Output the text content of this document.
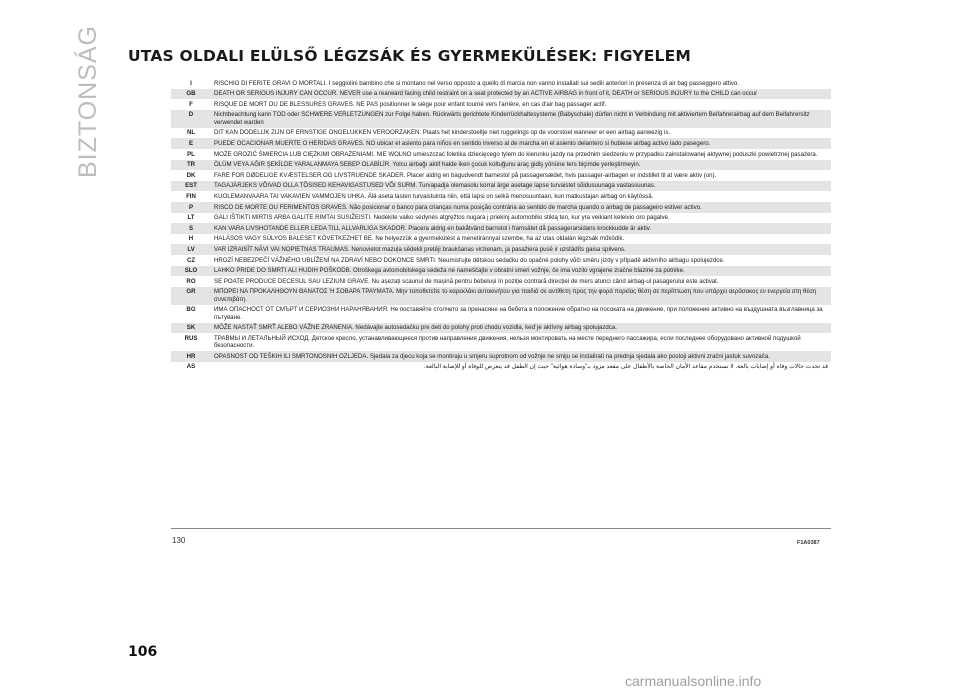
BIZTONSÁG UTAS OLDALI ELÜLSŐ LÉGZSÁK ÉS GYERMEKÜLÉSEK: FIGYELEM
I	RISCHIO DI FERITE GRAVI O MORTALI. I seggiolini bambino che si montano nel verso opposto a quello di marcia non vanno installati sui sedili anteriori in presenza di air bag passeggero attivo.
GB	DEATH OR SERIOUS INJURY CAN OCCUR. NEVER use a rearward facing child restraint on a seat protected by an ACTIVE AIRBAG in front of it, DEATH or SERIOUS INJURY to the CHILD can occur
F	RISQUE DE MORT OU DE BLESSURES GRAVES. NE PAS positionner le siège pour enfant tourné vers l'arrière, en cas d'air bag passager actif.
D	Nichtbeachtung kann TOD oder SCHWERE VERLETZUNGEN zur Folge haben. Rückwärts gerichtete Kinderrückhaltesysteme (Babyschale) dürfen nicht in Verbindung mit aktiviertem Beifahrerairbag auf dem Beifahrersitz verwendet warden
NL	DIT KAN DODELIJK ZIJN OF ERNSTIGE ONGELUKKEN VEROORZAKEN. Plaats het kinderstoeltje niet ruggelings op de voorstoel wanneer er een airbag aanwezig is.
E	PUEDE OCACIONAR MUERTE O HERIDAS GRAVES. NO ubicar el asiento para niños en sentido inverso al de marcha en el asiento delantero si hubiese airbag activo lado pasegero.
PL	MOŻE GROZIĆ ŚMIERCIA LUB CIĘŻKIMI OBRAŻENIAMI. NIE WOLNO umieszczać foletika dziecięcego tylem do kierunku jazdy na przednim siedzeniu w przypadku zainstalowanej aktywnej poduszki powietrznej pasażera.
TR	ÖLÜM VEYA AĞIR ŞEKİLDE YARALANMAYA SEBEP OLABİLİR. Yolcu airbağı aktif halde iken çocuk koltuğunu araç gidiş yönüne ters biçimde yerleştirmeyin.
DK	FARE FOR DØDELIGE KVÆSTELSER OG LIVSTRUENDE SKADER. Placer aldrig en bagudvendt barnestol på passagersædet, hvis passager-airbagen er indstillet til at være aktiv (on).
EST	TAGAJÄRJEKS VÕIVAD OLLA TÕSISED KEHAVIGASTUSED VÕI SURM. Turvapadja olemasolu korral ärge asetage lapse turvaistet sõidusuunaga vastassuunas.
FIN	KUOLEMANVAARA TAI VAKAVIEN VAMMOJEN UHKA. Älä aseta lasten turvaistuinta niin, että lapsi on selkä menosuuntaan, kun matkustajan airbag on käytössä.
P	RISCO DE MORTE OU FERIMENTOS GRAVES. Não posicionar o banco para crianças numa posição contrária ao sentido de marcha quando o airbag de passageiro estiver activo.
LT	GALI IŠTIKTI MIRTIS ARBA GALITE RIMTAI SUSIŽEISTI. Nedėkite vaiko sėdynės atgręžtos nugara į priekinį automobilio stiklą ten, kur yra veikiant keleivio oro pagalvė.
S	KAN VARA LIVSHOTANDE ELLER LEDA TILL ALLVARLIGA SKADOR. Placera aldrig en bakåtvänd barnstol i framsätet då passagerarsidans krockkudde är aktiv.
H	HALÁSOS VAGY SÚLYOS BALESET KÖVETKEZHET BE. Ne helyezzük a gyermekülést a menetiránnyal szembe, ha az utas oldalán légzsák működik.
LV	VAR IZRAISĪT NĀVI VAI NOPIETNAS TRAUMAS. Nenovietot mazuļa sēdekli pretēji braukšanas virzienam, ja pasažiera pusē ir uzstādīts gaisa spilvens.
CZ	HROZÍ NEBEZPEČÍ VÁŽNÉHO UBLÍŽENÍ NA ZDRAVÍ NEBO DOKONCE SMRTI. Neumisťujte dětskou sedačku do opačné polohy vůči směru jízdy v případě aktivního airbagu spolujezdce.
SLO	LAHKO PRIDE DO SMRTI ALI HUDIH POŠKODB. Otroškega avtomobilskega sedeža ne nameščajte v obratni smeri vožnje, če ima vozilo vgrajene zračne blazine za potnike.
RO	SE POATE PRODUCE DECESUL SAU LEZIUNI GRAVE. Nu așezați scaunul de mașină pentru bebeluși în poziție contrară direcției de mers atunci când airbag-ul pasagerului este activat.
GR	ΜΠΟΡΕΙ ΝΑ ΠΡΟΚΑΛΗΘΟΥΝ ΘΑΝΑΤΟΣ Ή ΣΟΒΑΡΑ ΤΡΑΥΜΑΤΑ. Μην τοποθετείτε το καρεκλάκι αυτοκινήτου για παιδιά σε αντίθετη προς την φορά πορείας θέση σε περίπτωση που υπάρχει αερόσακος εν ενεργεία στη θέση συνεπιβάτη.
BG	ИМА ОПАСНОСТ ОТ СМЪРТ И СЕРИОЗНИ НАРАНЯВАНИЯ. Не поставяйте столчето за пренасяне на бебета в положение обратно на посоката на движение, при положение активно на въздушната възглавница за пътуване.
SK	MÔŽE NASTAŤ SMRŤ ALEBO VÁŽNE ZRANENIA. Nedávajte autosedačku pre deti do polohy proti chodu vozidla, keď je aktívny airbag spolujazdca.
RUS	ТРАВМЫ И ЛЕТАЛЬНЫЙ ИСХОД. Детское кресло, устанавливающееся против направления движения, нельзя монтировать на месте переднего пассажира, если последнее оборудовано активной подушкой безопасности.
HR	OPASNOST OD TEŠKIH ILI SMRTONOSNIH OZLJEDA. Sjedala za djecu koja se montiraju u smjeru suprotnom od vožnje ne smiju se instalirati na prednja sjedala ako postoji aktivni zračni jastuk suvozača.
AS	قد تحدث حالات وفاة أو إصابات بالغة. لا تستخدم مقاعد الأمان الخاصة بالأطفال على مقعد مزود بـ"وسادة هوائية" حيث إن الطفل قد يتعرض للوفاة أو للإصابة البالغة.
130	F1A0387
106
carmanualsonline.info
